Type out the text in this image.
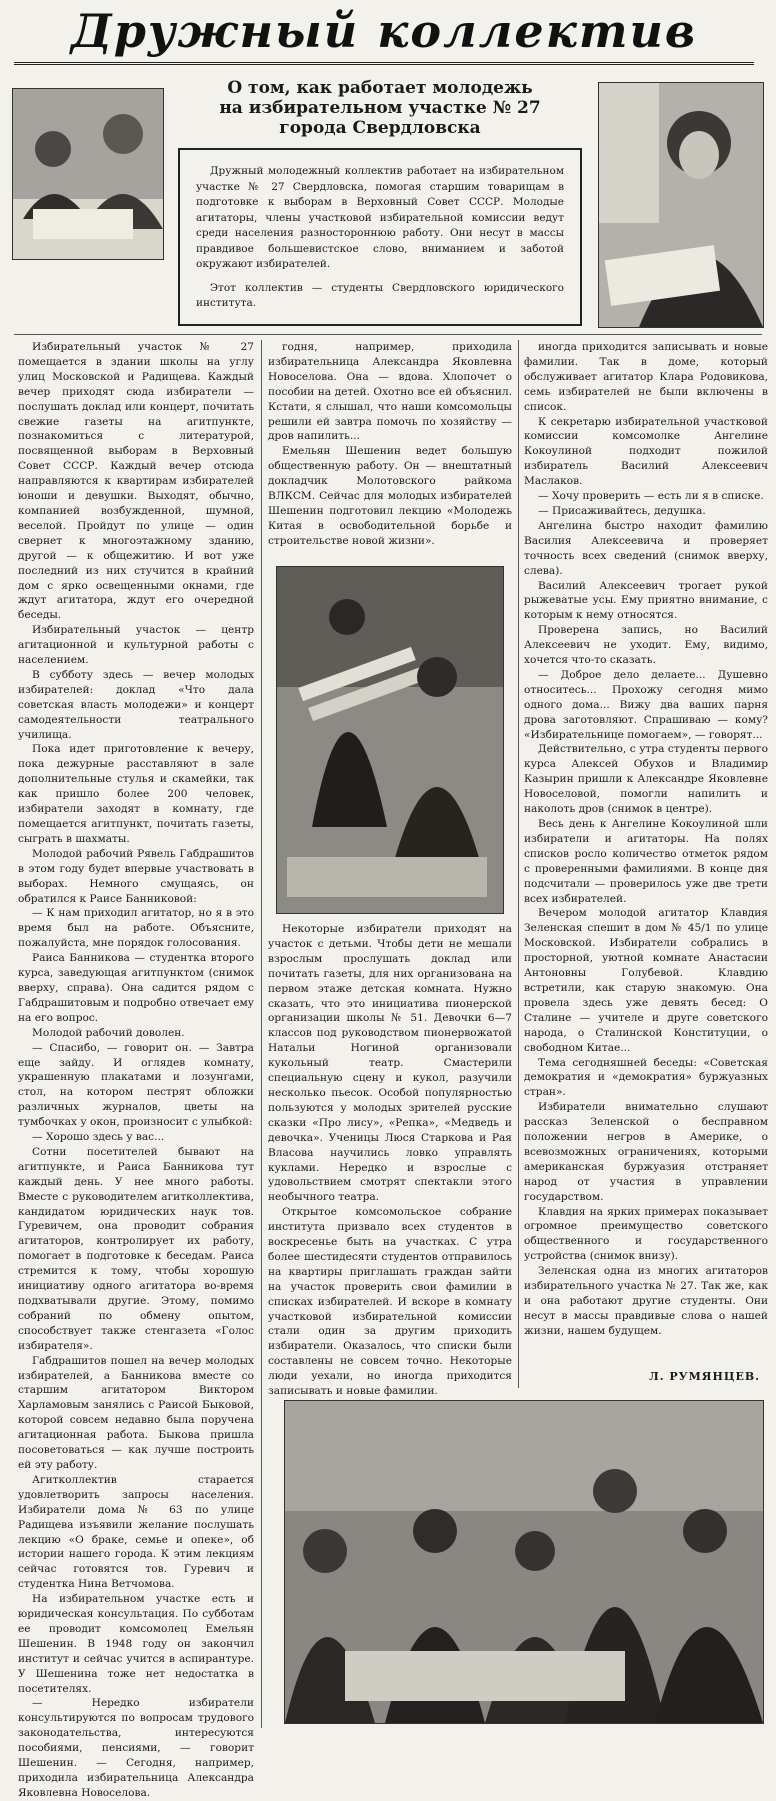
Дружный коллектив
О том, как работает молодежь
на избирательном участке № 27
города Свердловска

Дружный молодежный коллектив работает на избирательном участке № 27 Свердловска, помогая старшим товарищам в подготовке к выборам в Верховный Совет СССР. Молодые агитаторы, члены участковой избирательной комиссии ведут среди населения разностороннюю работу. Они несут в массы правдивое большевистское слово, вниманием и заботой окружают избирателей.

Этот коллектив — студенты Свердловского юридического института.

Избирательный участок № 27 помещается в здании школы на углу улиц Московской и Радищева. Каждый вечер приходят сюда избиратели — послушать доклад или концерт, почитать свежие газеты на агитпункте, познакомиться с литературой, посвященной выборам в Верховный Совет СССР. Каждый вечер отсюда направляются к квартирам избирателей юноши и девушки. Выходят, обычно, компанией возбужденной, шумной, веселой. Пройдут по улице — один свернет к многоэтажному зданию, другой — к общежитию. И вот уже последний из них стучится в крайний дом с ярко освещенными окнами, где ждут агитатора, ждут его очередной беседы.

Избирательный участок — центр агитационной и культурной работы с населением.

В субботу здесь — вечер молодых избирателей: доклад «Что дала советская власть молодежи» и концерт самодеятельности театрального училища.

Пока идет приготовление к вечеру, пока дежурные расставляют в зале дополнительные стулья и скамейки, так как пришло более 200 человек, избиратели заходят в комнату, где помещается агитпункт, почитать газеты, сыграть в шахматы.

Молодой рабочий Рявель Габдрашитов в этом году будет впервые участвовать в выборах. Немного смущаясь, он обратился к Раисе Банниковой:

— К нам приходил агитатор, но я в это время был на работе. Объясните, пожалуйста, мне порядок голосования.

Раиса Банникова — студентка второго курса, заведующая агитпунктом (снимок вверху, справа). Она садится рядом с Габдрашитовым и подробно отвечает ему на его вопрос.

Молодой рабочий доволен.

— Спасибо, — говорит он. — Завтра еще зайду. И оглядев комнату, украшенную плакатами и лозунгами, стол, на котором пестрят обложки различных журналов, цветы на тумбочках у окон, произносит с улыбкой:

— Хорошо здесь у вас...

Сотни посетителей бывают на агитпункте, и Раиса Банникова тут каждый день. У нее много работы. Вместе с руководителем агитколлектива, кандидатом юридических наук тов. Гуревичем, она проводит собрания агитаторов, контролирует их работу, помогает в подготовке к беседам. Раиса стремится к тому, чтобы хорошую инициативу одного агитатора во-время подхватывали другие. Этому, помимо собраний по обмену опытом, способствует также стенгазета «Голос избирателя».

Габдрашитов пошел на вечер молодых избирателей, а Банникова вместе со старшим агитатором Виктором Харламовым занялись с Раисой Быковой, которой совсем недавно была поручена агитационная работа. Быкова пришла посоветоваться — как лучше построить ей эту работу.

Агитколлектив старается удовлетворить запросы населения. Избиратели дома № 63 по улице Радищева изъявили желание послушать лекцию «О браке, семье и опеке», об истории нашего города. К этим лекциям сейчас готовятся тов. Гуревич и студентка Нина Ветчомова.

На избирательном участке есть и юридическая консультация. По субботам ее проводит комсомолец Емельян Шешенин. В 1948 году он закончил институт и сейчас учится в аспирантуре. У Шешенина тоже нет недостатка в посетителях.

— Нередко избиратели консультируются по вопросам трудового законодательства, интересуются пособиями, пенсиями, — говорит Шешенин. — Сегодня, например, приходила избирательница Александра Яковлевна Новоселова.

годня, например, приходила избирательница Александра Яковлевна Новоселова. Она — вдова. Хлопочет о пособии на детей. Охотно все ей объяснил. Кстати, я слышал, что наши комсомольцы решили ей завтра помочь по хозяйству — дров напилить...

Емельян Шешенин ведет большую общественную работу. Он — внештатный докладчик Молотовского райкома ВЛКСМ. Сейчас для молодых избирателей Шешенин подготовил лекцию «Молодежь Китая в освободительной борьбе и строительстве новой жизни».

Некоторые избиратели приходят на участок с детьми. Чтобы дети не мешали взрослым прослушать доклад или почитать газеты, для них организована на первом этаже детская комната. Нужно сказать, что это инициатива пионерской организации школы № 51. Девочки 6—7 классов под руководством пионервожатой Натальи Ногиной организовали кукольный театр. Смастерили специальную сцену и кукол, разучили несколько пьесок. Особой популярностью пользуются у молодых зрителей русские сказки «Про лису», «Репка», «Медведь и девочка». Ученицы Люся Старкова и Рая Власова научились ловко управлять куклами. Нередко и взрослые с удовольствием смотрят спектакли этого необычного театра.

Открытое комсомольское собрание института призвало всех студентов в воскресенье быть на участках. С утра более шестидесяти студентов отправилось на квартиры приглашать граждан зайти на участок проверить свои фамилии в списках избирателей. И вскоре в комнату участковой избирательной комиссии стали один за другим приходить избиратели. Оказалось, что списки были составлены не совсем точно. Некоторые люди уехали, но иногда приходится записывать и новые фамилии.

иногда приходится записывать и новые фамилии. Так в доме, который обслуживает агитатор Клара Родовикова, семь избирателей не были включены в список.

К секретарю избирательной участковой комиссии комсомолке Ангелине Кокоулиной подходит пожилой избиратель Василий Алексеевич Маслаков.

— Хочу проверить — есть ли я в списке.

— Присаживайтесь, дедушка.

Ангелина быстро находит фамилию Василия Алексеевича и проверяет точность всех сведений (снимок вверху, слева).

Василий Алексеевич трогает рукой рыжеватые усы. Ему приятно внимание, с которым к нему относятся.

Проверена запись, но Василий Алексеевич не уходит. Ему, видимо, хочется что-то сказать.

— Доброе дело делаете... Душевно относитесь... Прохожу сегодня мимо одного дома... Вижу два ваших парня дрова заготовляют. Спрашиваю — кому? «Избирательнице помогаем», — говорят...

Действительно, с утра студенты первого курса Алексей Обухов и Владимир Казырин пришли к Александре Яковлевне Новоселовой, помогли напилить и наколоть дров (снимок в центре).

Весь день к Ангелине Кокоулиной шли избиратели и агитаторы. На полях списков росло количество отметок рядом с проверенными фамилиями. В конце дня подсчитали — проверилось уже две трети всех избирателей.

Вечером молодой агитатор Клавдия Зеленская спешит в дом № 45/1 по улице Московской. Избиратели собрались в просторной, уютной комнате Анастасии Антоновны Голубевой. Клавдию встретили, как старую знакомую. Она провела здесь уже девять бесед: О Сталине — учителе и друге советского народа, о Сталинской Конституции, о свободном Китае...

Тема сегодняшней беседы: «Советская демократия и «демократия» буржуазных стран».

Избиратели внимательно слушают рассказ Зеленской о бесправном положении негров в Америке, о всевозможных ограничениях, которыми американская буржуазия отстраняет народ от участия в управлении государством.

Клавдия на ярких примерах показывает огромное преимущество советского общественного и государственного устройства (снимок внизу).

Зеленская одна из многих агитаторов избирательного участка № 27. Так же, как и она работают другие студенты. Они несут в массы правдивые слова о нашей жизни, нашем будущем.

Л. РУМЯНЦЕВ.
